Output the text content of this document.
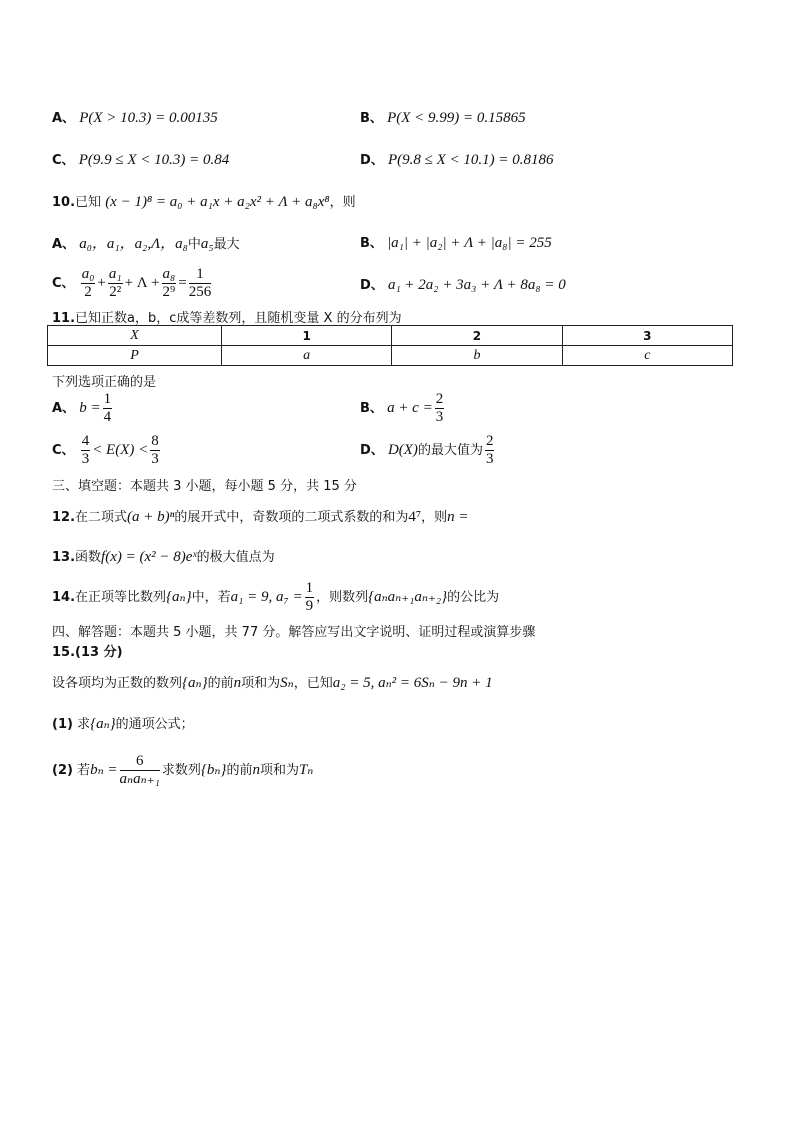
A、 P(X > 10.3) = 0.00135	B、 P(X < 9.99) = 0.15865
C、 P(9.9 ≤ X < 10.3) = 0.84	D、 P(9.8 ≤ X < 10.1) = 0.8186
10.已知 (x − 1)⁸ = a₀ + a₁x + a₂x² + Λ + a₈x⁸，则
A、 a₀，a₁，a₂,Λ，a₈中a₅最大	B、 |a₁| + |a₂| + Λ + |a₈| = 255
C、 $\frac{\text{a₀}}{2} + \frac{\text{a₁}}{\text{2²}} + \Lambda + \frac{\text{a₈}}{\text{2⁹}} = \frac{1}{256}$	D、 a₁ + 2a₂ + 3a₃ + Λ + 8a₈ = 0
11.已知正数a，b，c成等差数列，且随机变量 X 的分布列为
X	1	2	3
P	a	b	c
下列选项正确的是
A、 $b = \frac{1}{4}$	B、 $a + c = \frac{2}{3}$
C、 $\frac{4}{3} < E(X) < \frac{8}{3}$	D、 D(X)的最大值为 $\frac{2}{3}$
三、填空题：本题共 3 小题，每小题 5 分，共 15 分
12.在二项式(a + b)ⁿ的展开式中，奇数项的二项式系数的和为4⁷，则n =
13.函数f(x) = (x² − 8)eˣ的极大值点为
14.在正项等比数列{aₙ}中，若a₁ = 9, $a_7 = \frac{1}{9}$ ，则数列{aₙaₙ₊₁aₙ₊₂}的公比为
四、解答题：本题共 5 小题，共 77 分。解答应写出文字说明、证明过程或演算步骤
15.(13 分)
设各项均为正数的数列{aₙ}的前n项和为Sₙ，已知a₂ = 5, aₙ² = 6Sₙ − 9n + 1
(1) 求{aₙ}的通项公式；
(2) 若$b_n = \frac{6}{\text{aₙaₙ₊₁}}$ 求数列{bₙ}的前n项和为Tₙ
